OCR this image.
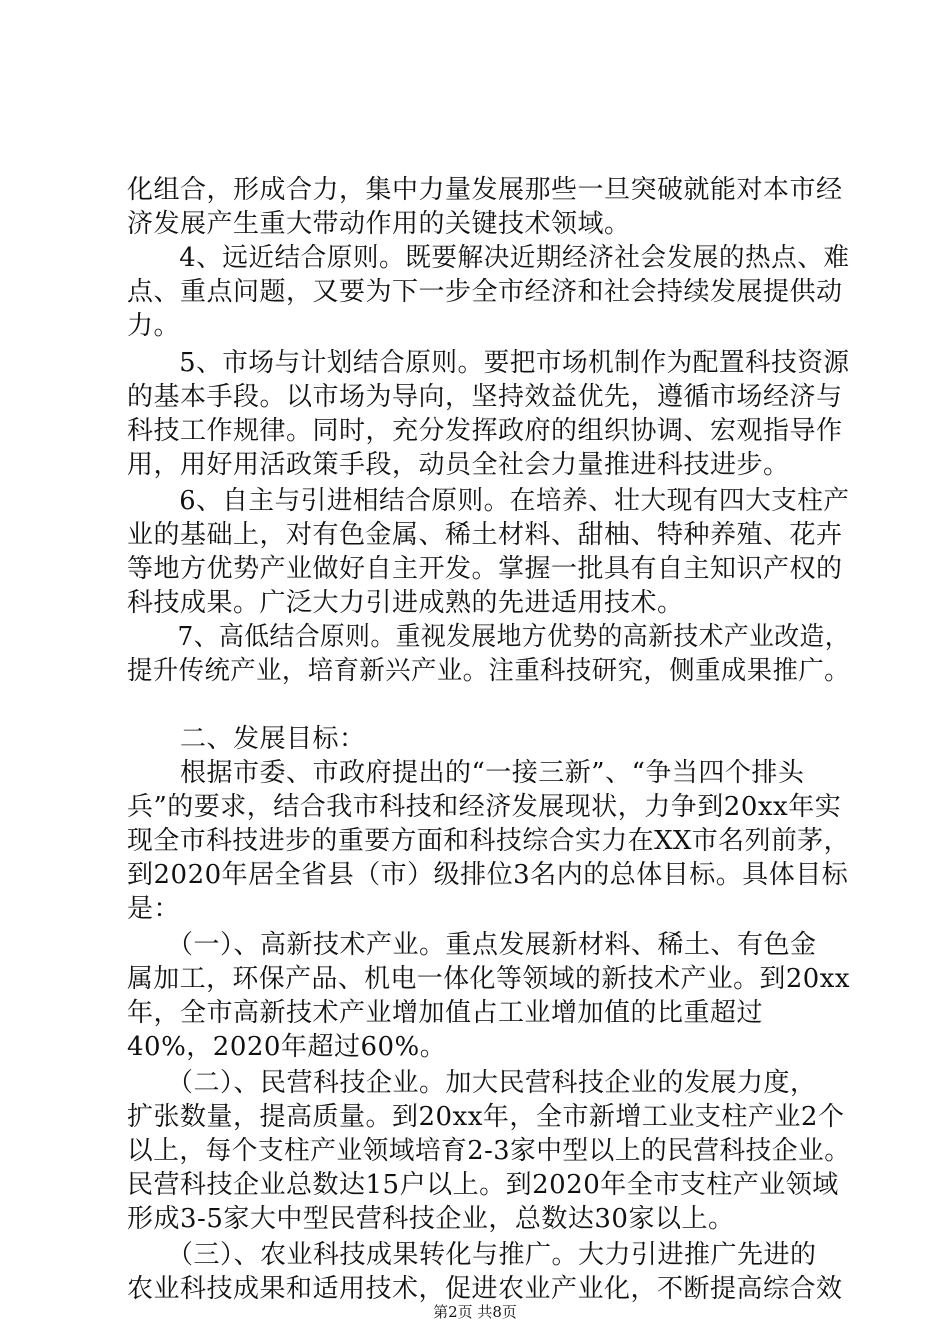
化组合，形成合力，集中力量发展那些一旦突破就能对本市经
济发展产生重大带动作用的关键技术领域。
　　4、远近结合原则。既要解决近期经济社会发展的热点、难
点、重点问题，又要为下一步全市经济和社会持续发展提供动
力。
　　5、市场与计划结合原则。要把市场机制作为配置科技资源
的基本手段。以市场为导向，坚持效益优先，遵循市场经济与
科技工作规律。同时，充分发挥政府的组织协调、宏观指导作
用，用好用活政策手段，动员全社会力量推进科技进步。
　　6、自主与引进相结合原则。在培养、壮大现有四大支柱产
业的基础上，对有色金属、稀土材料、甜柚、特种养殖、花卉
等地方优势产业做好自主开发。掌握一批具有自主知识产权的
科技成果。广泛大力引进成熟的先进适用技术。
　　7、高低结合原则。重视发展地方优势的高新技术产业改造，
提升传统产业，培育新兴产业。注重科技研究，侧重成果推广。
　　二、发展目标：
　　根据市委、市政府提出的“一接三新”、“争当四个排头
兵”的要求，结合我市科技和经济发展现状，力争到20xx年实
现全市科技进步的重要方面和科技综合实力在XX市名列前茅，
到2020年居全省县（市）级排位3名内的总体目标。具体目标
是：
　　（一）、高新技术产业。重点发展新材料、稀土、有色金
属加工，环保产品、机电一体化等领域的新技术产业。到20xx
年，全市高新技术产业增加值占工业增加值的比重超过
40%，2020年超过60%。
　　（二）、民营科技企业。加大民营科技企业的发展力度，
扩张数量，提高质量。到20xx年，全市新增工业支柱产业2个
以上，每个支柱产业领域培育2-3家中型以上的民营科技企业。
民营科技企业总数达15户以上。到2020年全市支柱产业领域
形成3-5家大中型民营科技企业，总数达30家以上。
　　（三）、农业科技成果转化与推广。大力引进推广先进的
农业科技成果和适用技术，促进农业产业化，不断提高综合效
第2页 共8页
